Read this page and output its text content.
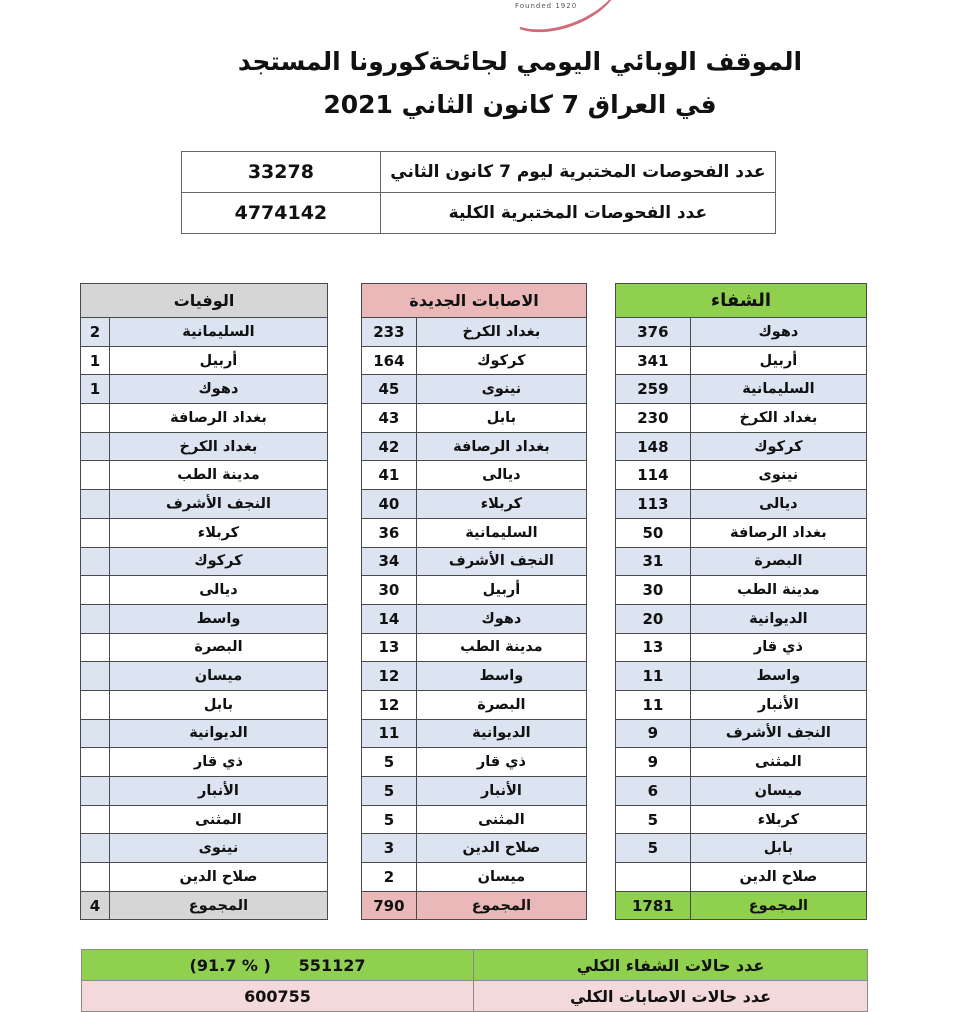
Founded 1920
الموقف الوبائي اليومي لجائحةكورونا المستجد
في العراق 7 كانون الثاني 2021
عدد الفحوصات المختبرية ليوم 7 كانون الثاني	33278
عدد الفحوصات المختبرية الكلية	4774142
الشفاء	
دهوك	376
أربيل	341
السليمانية	259
بغداد الكرخ	230
كركوك	148
نينوى	114
ديالى	113
بغداد الرصافة	50
البصرة	31
مدينة الطب	30
الديوانية	20
ذي قار	13
واسط	11
الأنبار	11
النجف الأشرف	9
المثنى	9
ميسان	6
كربلاء	5
بابل	5
صلاح الدين	
المجموع	1781
الاصابات الجديدة	
بغداد الكرخ	233
كركوك	164
نينوى	45
بابل	43
بغداد الرصافة	42
ديالى	41
كربلاء	40
السليمانية	36
النجف الأشرف	34
أربيل	30
دهوك	14
مدينة الطب	13
واسط	12
البصرة	12
الديوانية	11
ذي قار	5
الأنبار	5
المثنى	5
صلاح الدين	3
ميسان	2
المجموع	790
الوفيات	
السليمانية	2
أربيل	1
دهوك	1
بغداد الرصافة	
بغداد الكرخ	
مدينة الطب	
النجف الأشرف	
كربلاء	
كركوك	
ديالى	
واسط	
البصرة	
ميسان	
بابل	
الديوانية	
ذي قار	
الأنبار	
المثنى	
نينوى	
صلاح الدين	
المجموع	4
عدد حالات الشفاء الكلي	(91.7 % ) 551127
عدد حالات الاصابات الكلي	600755
